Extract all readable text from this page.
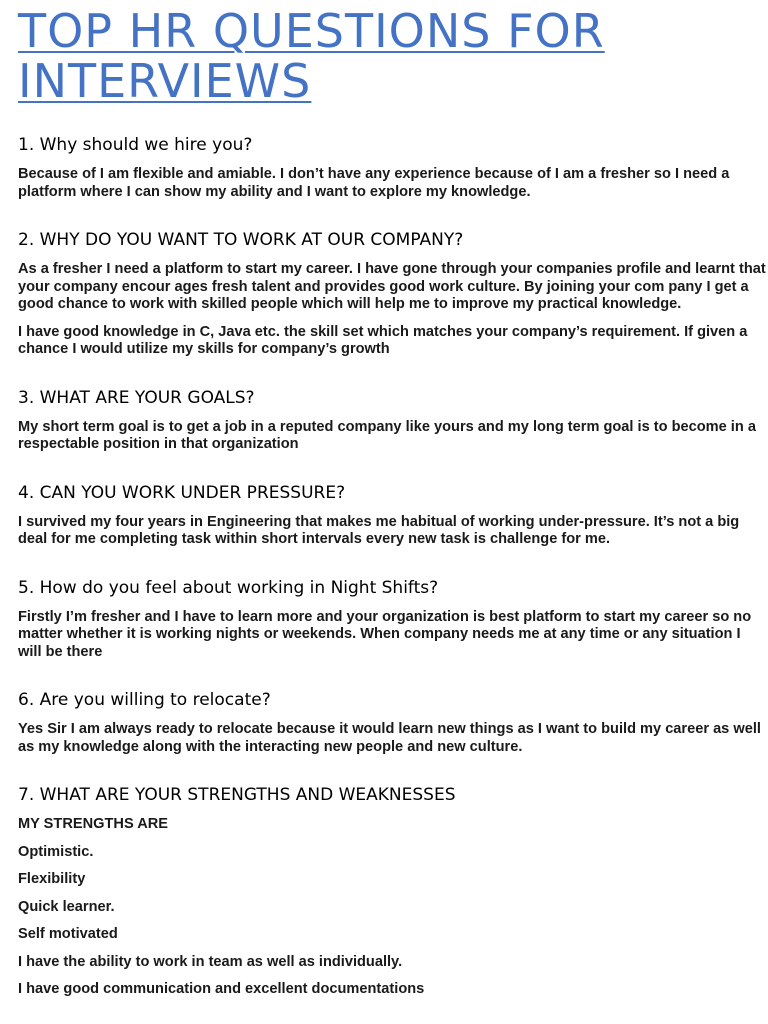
TOP HR QUESTIONS FOR INTERVIEWS
1. Why should we hire you?

Because of I am flexible and amiable. I don’t have any experience because of I am a fresher so I need a platform where I can show my ability and I want to explore my knowledge.

2. WHY DO YOU WANT TO WORK AT OUR COMPANY?

As a fresher I need a platform to start my career. I have gone through your companies profile and learnt that your company encour ages fresh talent and provides good work culture. By joining your com pany I get a good chance to work with skilled people which will help me to improve my practical knowledge.

I have good knowledge in C, Java etc. the skill set which matches your company’s requirement. If given a chance I would utilize my skills for company’s growth

3. WHAT ARE YOUR GOALS?

My short term goal is to get a job in a reputed company like yours and my long term goal is to become in a respectable position in that organization

4. CAN YOU WORK UNDER PRESSURE?

I survived my four years in Engineering that makes me habitual of working under-pressure. It’s not a big deal for me completing task within short intervals every new task is challenge for me.

5. How do you feel about working in Night Shifts?

Firstly I’m fresher and I have to learn more and your organization is best platform to start my career so no matter whether it is working nights or weekends. When company needs me at any time or any situation I will be there

6. Are you willing to relocate?

Yes Sir I am always ready to relocate because it would learn new things as I want to build my career as well as my knowledge along with the interacting new people and new culture.

7. WHAT ARE YOUR STRENGTHS AND WEAKNESSES

MY STRENGTHS ARE

Optimistic.

Flexibility

Quick learner.

Self motivated

I have the ability to work in team as well as individually.

I have good communication and excellent documentations
